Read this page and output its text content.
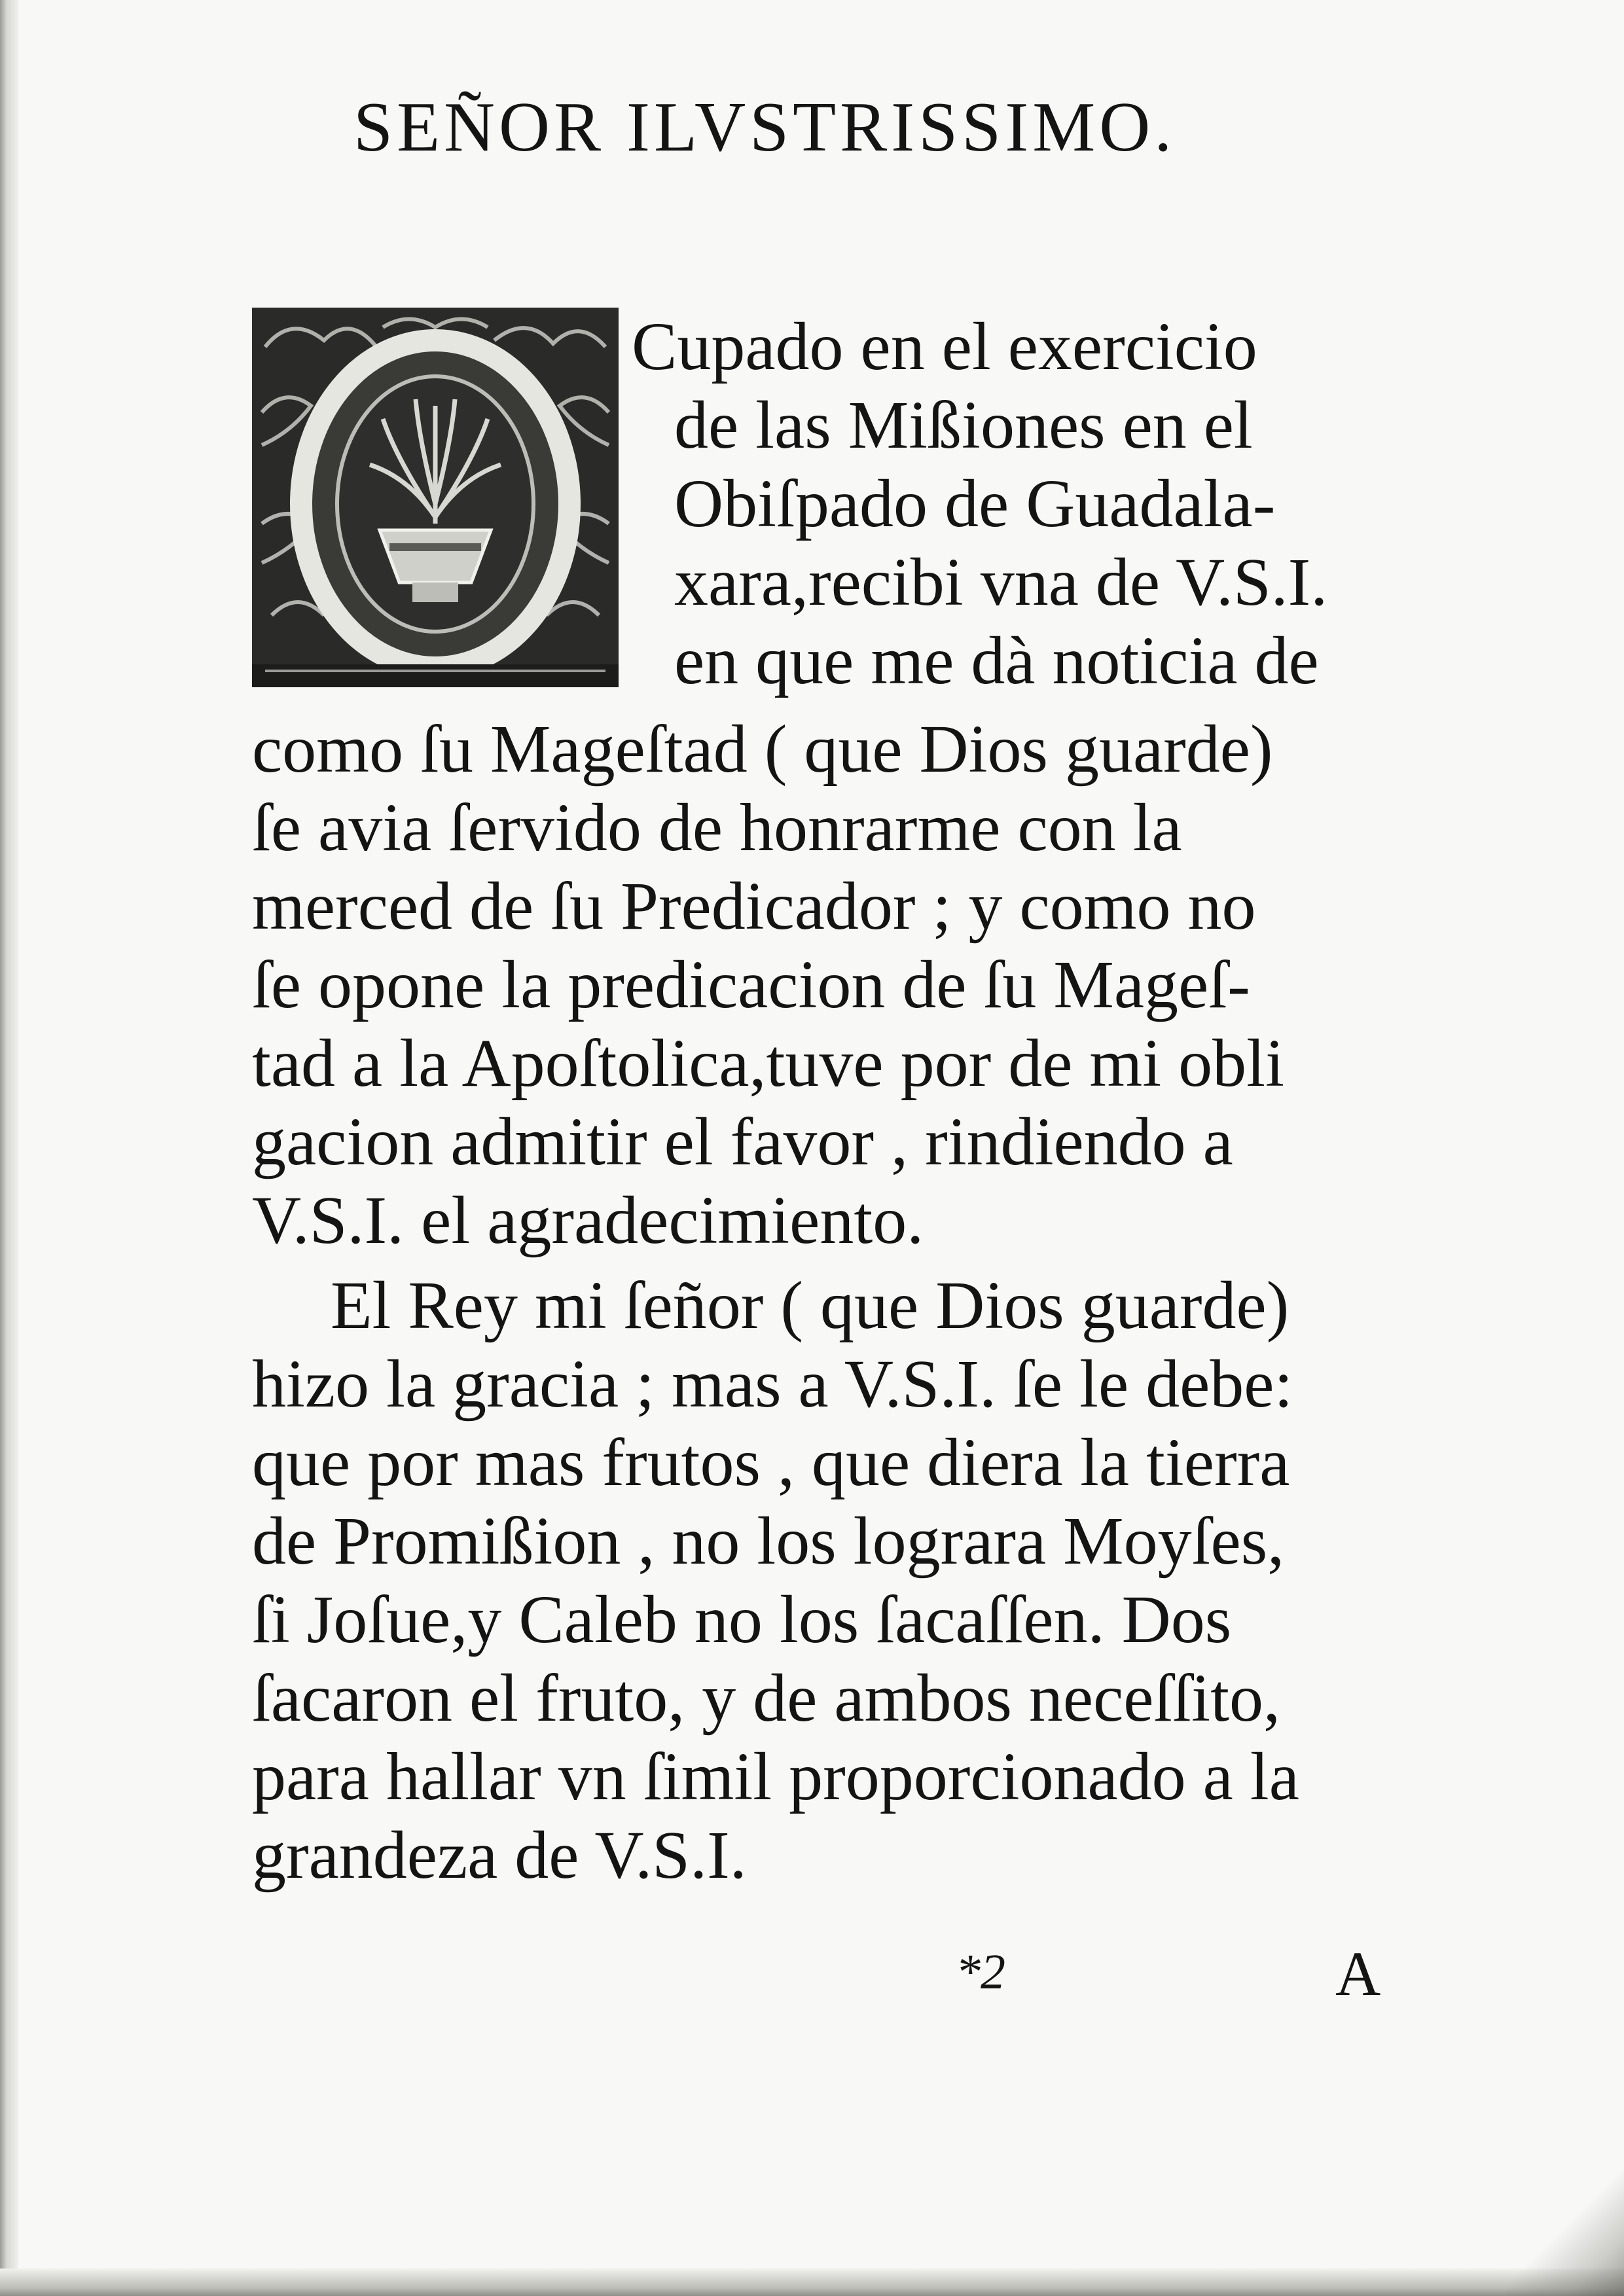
SEÑOR ILVSTRISSIMO.
Cupado en el exercicio
de las Mißiones en el
Obiſpado de Guadala-
xara,recibi vna de V.S.I.
en que me dà noticia de
como ſu Mageſtad ( que Dios guarde)
ſe avia ſervido de honrarme con la
merced de ſu Predicador ; y como no
ſe opone la predicacion de ſu Mageſ-
tad a la Apoſtolica,tuve por de mi obli
gacion admitir el favor , rindiendo a
V.S.I. el agradecimiento.
El Rey mi ſeñor ( que Dios guarde)
hizo la gracia ; mas a V.S.I. ſe le debe:
que por mas frutos , que diera la tierra
de Promißion , no los lograra Moyſes,
ſi Joſue,y Caleb no los ſacaſſen. Dos
ſacaron el fruto, y de ambos neceſſito,
para hallar vn ſimil proporcionado a la
grandeza de V.S.I.
*2	A
